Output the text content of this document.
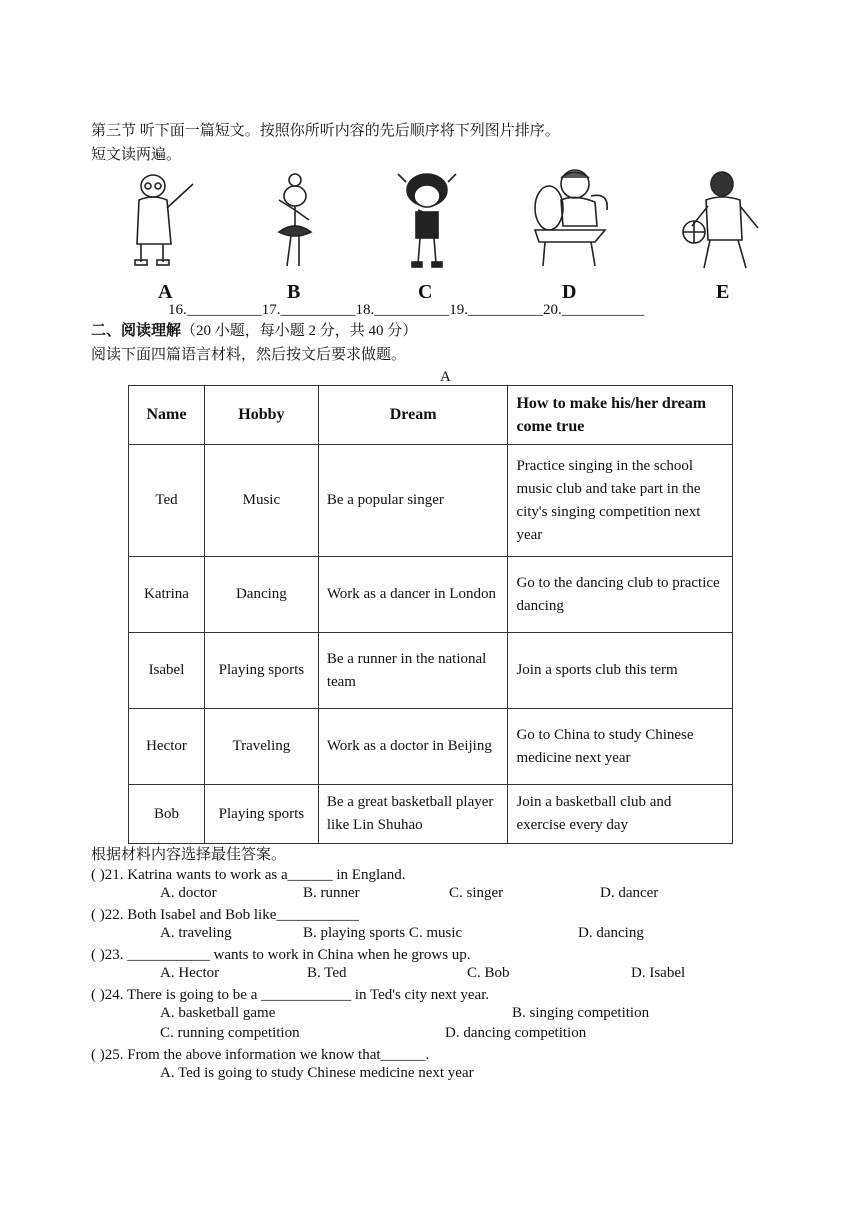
第三节 听下面一篇短文。按照你所听内容的先后顺序将下列图片排序。
短文读两遍。
A	B	C	D	E
16.__________17.__________18.__________19.__________20.___________
二、阅读理解（20 小题，每小题 2 分，共 40 分）
阅读下面四篇语言材料，然后按文后要求做题。
A
Name	Hobby	Dream	How to make his/her dream come true
Ted	Music	Be a popular singer	Practice singing in the school music club and take part in the city's singing competition next year
Katrina	Dancing	Work as a dancer in London	Go to the dancing club to practice dancing
Isabel	Playing sports	Be a runner in the national team	Join a sports club this term
Hector	Traveling	Work as a doctor in Beijing	Go to China to study Chinese medicine next year
Bob	Playing sports	Be a great basketball player like Lin Shuhao	Join a basketball club and exercise every day
根据材料内容选择最佳答案。
( )21. Katrina wants to work as a______ in England.
A. doctor	B. runner	C. singer	D. dancer
( )22. Both Isabel and Bob like___________
A. traveling	B. playing sports C. music	D. dancing
( )23. ___________ wants to work in China when he grows up.
A. Hector	B. Ted	C. Bob	D. Isabel
( )24. There is going to be a ____________ in Ted's city next year.
A. basketball game	B. singing competition
C. running competition	D. dancing competition
( )25. From the above information we know that______.
A. Ted is going to study Chinese medicine next year
